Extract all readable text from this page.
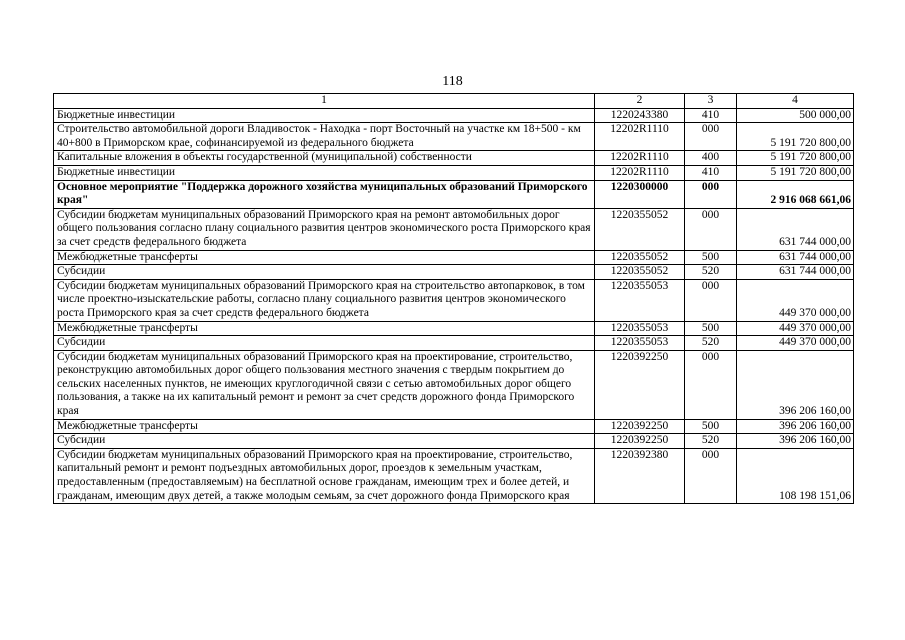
118
1	2	3	4
Бюджетные инвестиции	1220243380	410	500 000,00
Строительство автомобильной дороги Владивосток - Находка - порт Восточный на участке км 18+500 - км 40+800 в Приморском крае, софинансируемой из федерального бюджета	12202R1110	000	5 191 720 800,00
Капитальные вложения в объекты государственной (муниципальной) собственности	12202R1110	400	5 191 720 800,00
Бюджетные инвестиции	12202R1110	410	5 191 720 800,00
Основное мероприятие "Поддержка дорожного хозяйства муниципальных образований Приморского края"	1220300000	000	2 916 068 661,06
Субсидии бюджетам муниципальных образований Приморского края на ремонт автомобильных дорог общего пользования согласно плану социального развития центров экономического роста Приморского края за счет средств федерального бюджета	1220355052	000	631 744 000,00
Межбюджетные трансферты	1220355052	500	631 744 000,00
Субсидии	1220355052	520	631 744 000,00
Субсидии бюджетам муниципальных образований Приморского края на строительство автопарковок, в том числе проектно-изыскательские работы, согласно плану социального развития центров экономического роста Приморского края за счет средств федерального бюджета	1220355053	000	449 370 000,00
Межбюджетные трансферты	1220355053	500	449 370 000,00
Субсидии	1220355053	520	449 370 000,00
Субсидии бюджетам муниципальных образований Приморского края на проектирование, строительство, реконструкцию автомобильных дорог общего пользования местного значения с твердым покрытием до сельских населенных пунктов, не имеющих круглогодичной связи с сетью автомобильных дорог общего пользования, а также на их капитальный ремонт и ремонт за счет средств дорожного фонда Приморского края	1220392250	000	396 206 160,00
Межбюджетные трансферты	1220392250	500	396 206 160,00
Субсидии	1220392250	520	396 206 160,00
Субсидии бюджетам муниципальных образований Приморского края на проектирование, строительство, капитальный ремонт и ремонт подъездных автомобильных дорог, проездов к земельным участкам, предоставленным (предоставляемым) на бесплатной основе гражданам, имеющим трех и более детей, и гражданам, имеющим двух детей, а также молодым семьям, за счет дорожного фонда Приморского края	1220392380	000	108 198 151,06
